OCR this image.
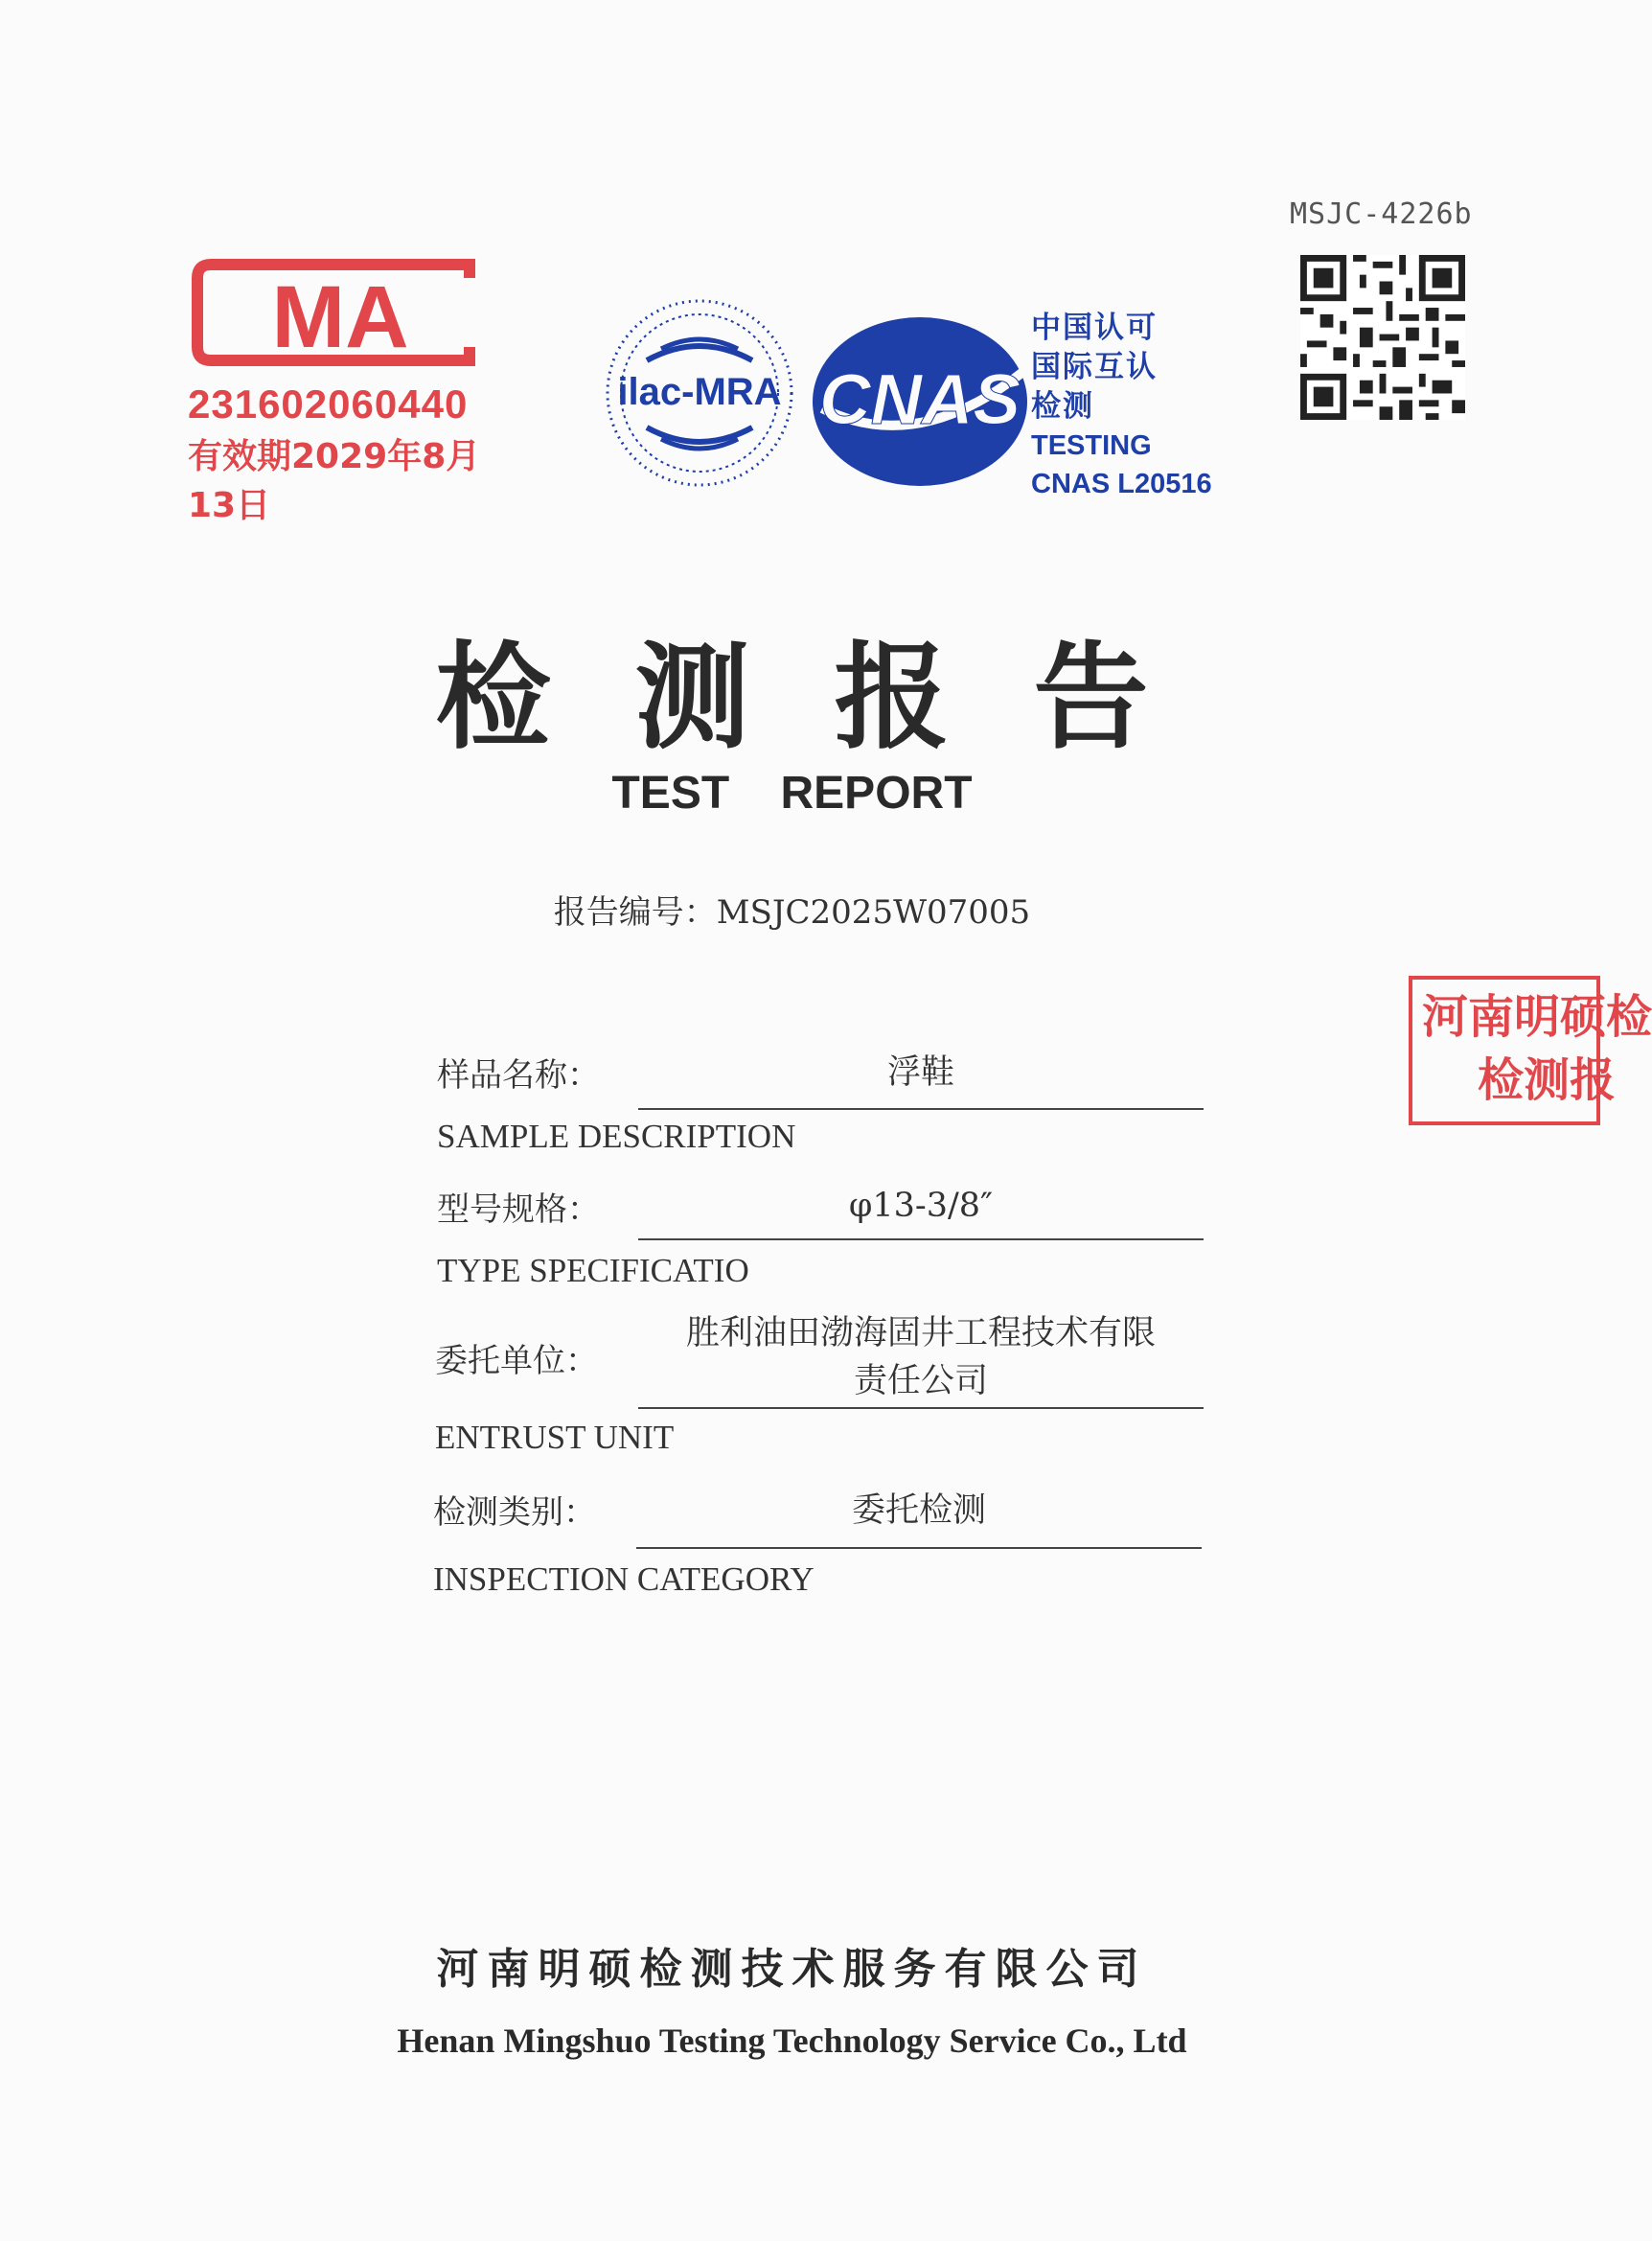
MSJC-4226b
MA
231602060440
有效期2029年8月13日
ilac-MRA CNAS
中国认可
国际互认
检测
TESTING
CNAS L20516
检测报告
TEST REPORT
报告编号：MSJC2025W07005
河南明硕检
检测报
样品名称：	浮鞋
SAMPLE DESCRIPTION
型号规格：	φ13-3/8″
TYPE SPECIFICATIO
委托单位：
胜利油田渤海固井工程技术有限
责任公司
ENTRUST UNIT
检测类别：	委托检测
INSPECTION CATEGORY
河南明硕检测技术服务有限公司
Henan Mingshuo Testing Technology Service Co., Ltd
